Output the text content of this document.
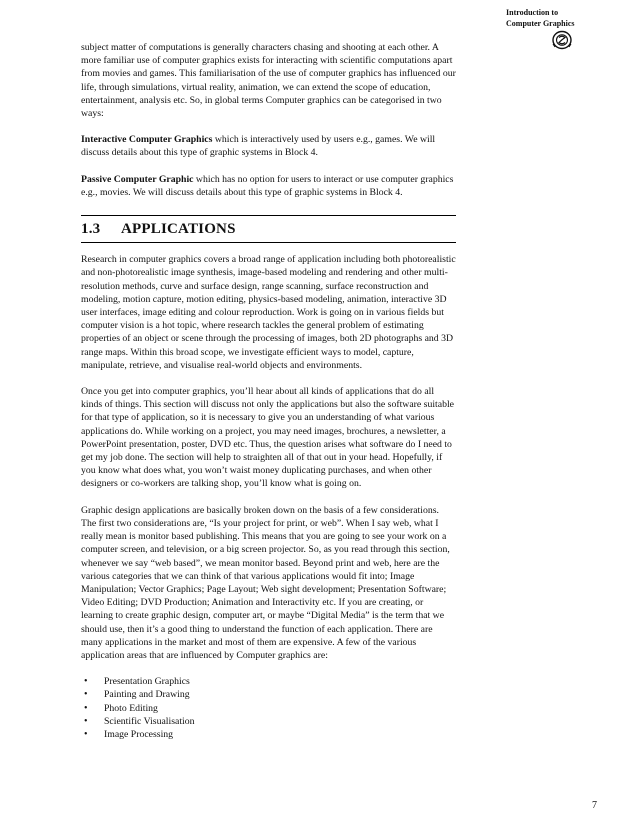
Introduction to
Computer Graphics

subject matter of computations is generally characters chasing and shooting at each other. A more familiar use of computer graphics exists for interacting with scientific computations apart from movies and games. This familiarisation of the use of computer graphics has influenced our life, through simulations, virtual reality, animation, we can extend the scope of education, entertainment, analysis etc. So, in global terms Computer graphics can be categorised in two ways:

Interactive Computer Graphics which is interactively used by users e.g., games. We will discuss details about this type of graphic systems in Block 4.

Passive Computer Graphic which has no option for users to interact or use computer graphics e.g., movies. We will discuss details about this type of graphic systems in Block 4.

1.3 APPLICATIONS

Research in computer graphics covers a broad range of application including both photorealistic and non-photorealistic image synthesis, image-based modeling and rendering and other multi-resolution methods, curve and surface design, range scanning, surface reconstruction and modeling, motion capture, motion editing, physics-based modeling, animation, interactive 3D user interfaces, image editing and colour reproduction. Work is going on in various fields but computer vision is a hot topic, where research tackles the general problem of estimating properties of an object or scene through the processing of images, both 2D photographs and 3D range maps. Within this broad scope, we investigate efficient ways to model, capture, manipulate, retrieve, and visualise real-world objects and environments.

Once you get into computer graphics, you’ll hear about all kinds of applications that do all kinds of things. This section will discuss not only the applications but also the software suitable for that type of application, so it is necessary to give you an understanding of what various applications do. While working on a project, you may need images, brochures, a newsletter, a PowerPoint presentation, poster, DVD etc. Thus, the question arises what software do I need to get my job done. The section will help to straighten all of that out in your head. Hopefully, if you know what does what, you won’t waist money duplicating purchases, and when other designers or co-workers are talking shop, you’ll know what is going on.

Graphic design applications are basically broken down on the basis of a few considerations. The first two considerations are, “Is your project for print, or web”. When I say web, what I really mean is monitor based publishing. This means that you are going to see your work on a computer screen, and television, or a big screen projector. So, as you read through this section, whenever we say “web based”, we mean monitor based. Beyond print and web, here are the various categories that we can think of that various applications would fit into; Image Manipulation; Vector Graphics; Page Layout; Web sight development; Presentation Software; Video Editing; DVD Production; Animation and Interactivity etc. If you are creating, or learning to create graphic design, computer art, or maybe “Digital Media” is the term that we should use, then it’s a good thing to understand the function of each application. There are many applications in the market and most of them are expensive. A few of the various application areas that are influenced by Computer graphics are:

• Presentation Graphics
• Painting and Drawing
• Photo Editing
• Scientific Visualisation
• Image Processing
7
